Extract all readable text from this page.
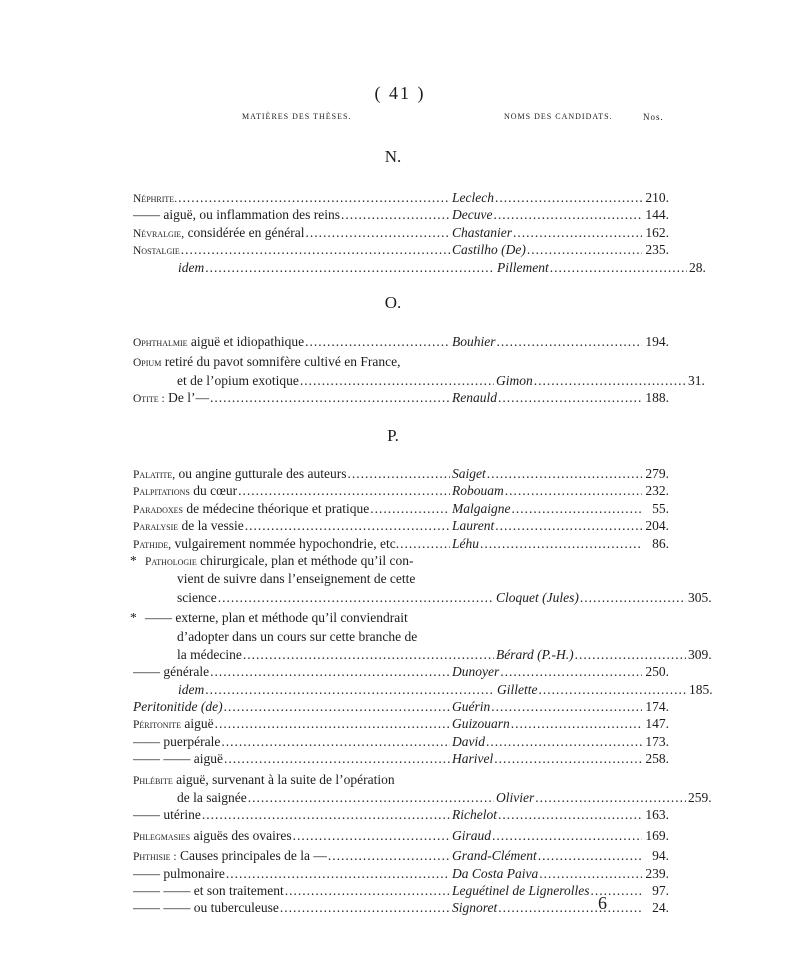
( 41 )
MATIÈRES DES THÈSES.	NOMS DES CANDIDATS.	Nos.
N.
Néphrite. .....	Leclech .....	210.
—— aiguë, ou inflammation des reins .....	Decuve .....	144.
Névralgie, considérée en général .....	Chastanier .....	162.
Nostalgie .....	Castilho (De) .....	235.
idem .....	Pillement .....	28.
O.
Ophthalmie aiguë et idiopathique .....	Bouhier .....	194.
Opium retiré du pavot somnifère cultivé en France,
et de l’opium exotique .....	Gimon .....	31.
Otite : De l’— .....	Renauld .....	188.
P.
Palatite, ou angine gutturale des auteurs .....	Saiget .....	279.
Palpitations du cœur .....	Robouam .....	232.
Paradoxes de médecine théorique et pratique .....	Malgaigne .....	55.
Paralysie de la vessie .....	Laurent .....	204.
Pathide, vulgairement nommée hypochondrie, etc. .....	Léhu .....	86.
* Pathologie chirurgicale, plan et méthode qu’il con-
vient de suivre dans l’enseignement de cette
science .....	Cloquet (Jules) .....	305.
* —— externe, plan et méthode qu’il conviendrait
d’adopter dans un cours sur cette branche de
la médecine .....	Bérard (P.-H.) .....	309.
—— générale .....	Dunoyer .....	250.
idem .....	Gillette .....	185.
Peritonitide (de) .....	Guérin .....	174.
Péritonite aiguë .....	Guizouarn .....	147.
—— puerpérale .....	David .....	173.
—— —— aiguë .....	Harivel .....	258.
Phlébite aiguë, survenant à la suite de l’opération
de la saignée .....	Olivier .....	259.
—— utérine .....	Richelot .....	163.
Phlegmasies aiguës des ovaires .....	Giraud .....	169.
Phthisie : Causes principales de la — .....	Grand-Clément .....	94.
—— pulmonaire .....	Da Costa Paiva .....	239.
—— —— et son traitement .....	Leguétinel de Lignerolles .....	97.
—— —— ou tuberculeuse .....	Signoret .....	24.
6
